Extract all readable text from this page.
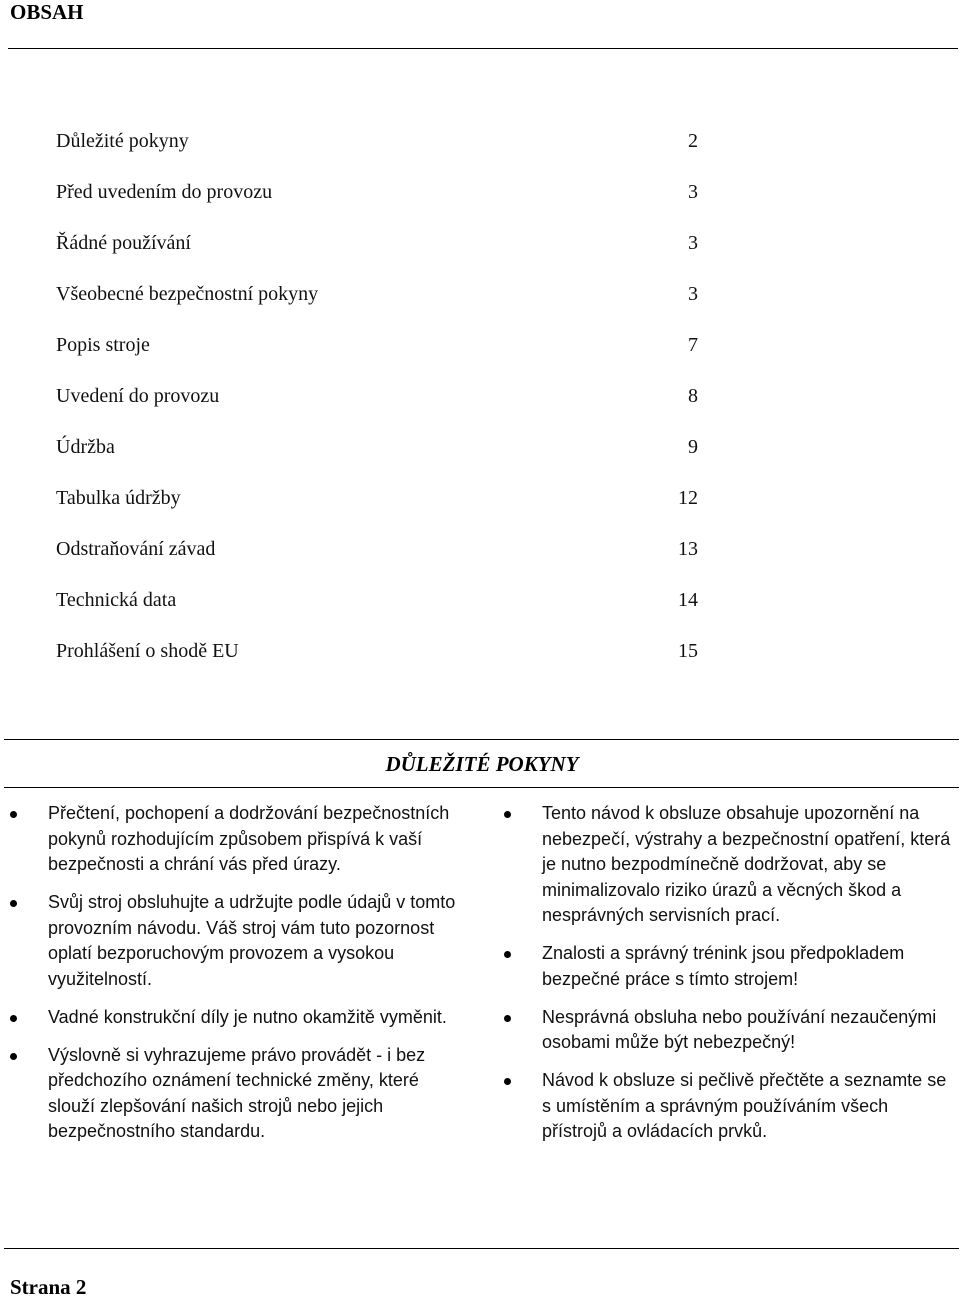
OBSAH
Důležité pokyny	2
Před uvedením do provozu	3
Řádné používání	3
Všeobecné bezpečnostní pokyny	3
Popis stroje	7
Uvedení do provozu	8
Údržba	9
Tabulka údržby	12
Odstraňování závad	13
Technická data	14
Prohlášení o shodě EU	15
DŮLEŽITÉ POKYNY
Přečtení, pochopení a dodržování bezpečnostních pokynů rozhodujícím způsobem přispívá k vaší bezpečnosti a chrání vás před úrazy.
Svůj stroj obsluhujte a udržujte podle údajů v tomto provozním návodu. Váš stroj vám tuto pozornost oplatí bezporuchovým provozem a vysokou využitelností.
Vadné konstrukční díly je nutno okamžitě vyměnit.
Výslovně si vyhrazujeme právo provádět - i bez předchozího oznámení technické změny, které slouží zlepšování našich strojů nebo jejich bezpečnostního standardu.
Tento návod k obsluze obsahuje upozornění na nebezpečí, výstrahy a bezpečnostní opatření, která je nutno bezpodmínečně dodržovat, aby se minimalizovalo riziko úrazů a věcných škod a nesprávných servisních prací.
Znalosti a správný trénink jsou předpokladem bezpečné práce s tímto strojem!
Nesprávná obsluha nebo používání nezaučenými osobami může být nebezpečný!
Návod k obsluze si pečlivě přečtěte a seznamte se s umístěním a správným používáním všech přístrojů a ovládacích prvků.
Strana 2
